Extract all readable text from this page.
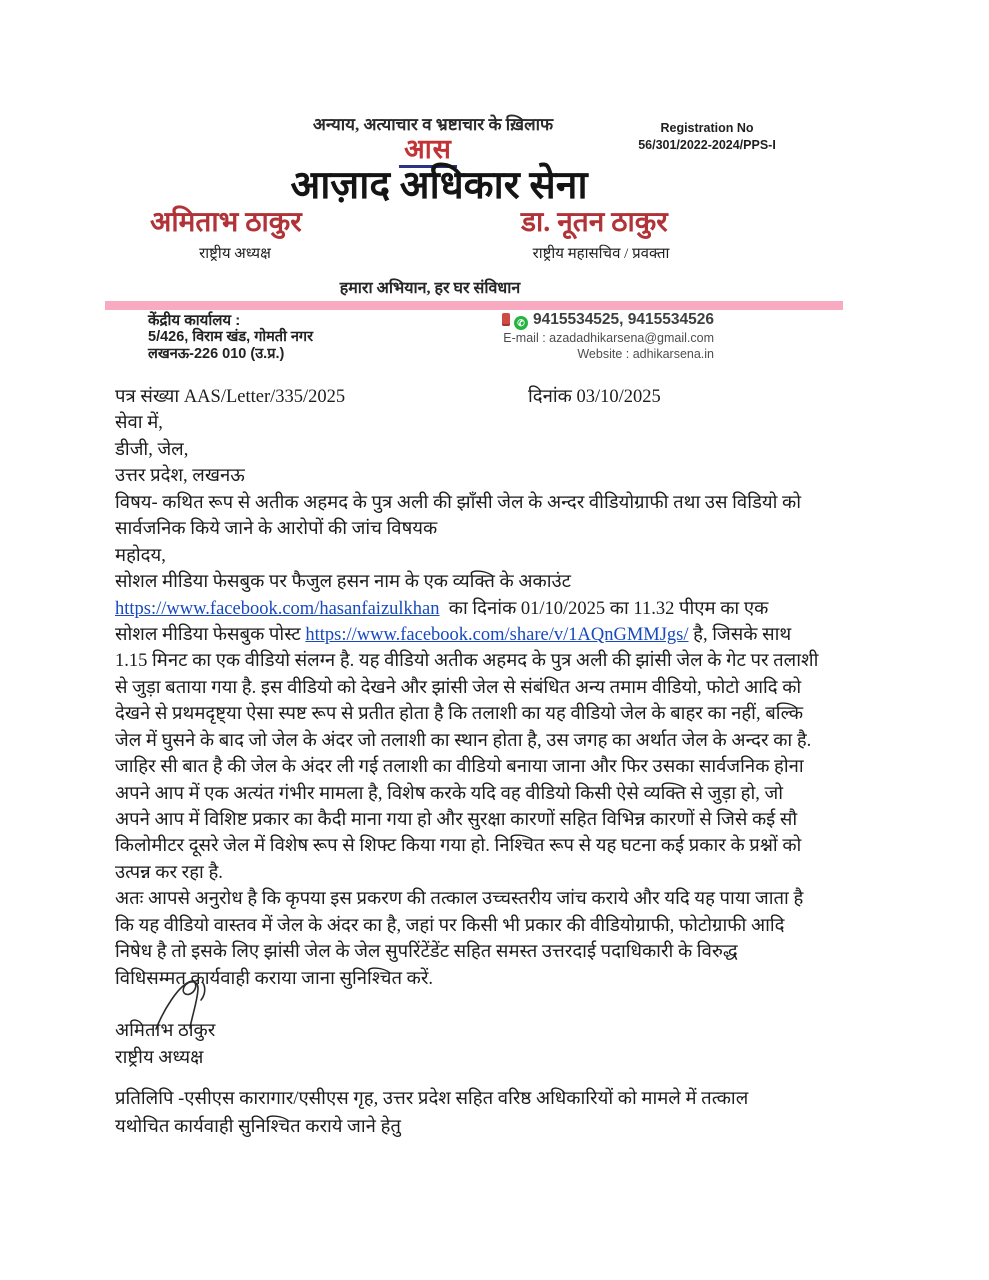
अन्याय, अत्याचार व भ्रष्टाचार के ख़िलाफ	Registration No
56/301/2022-2024/PPS-I
आस
आज़ाद अधिकार सेना
अमिताभ ठाकुर
राष्ट्रीय अध्यक्ष
डा. नूतन ठाकुर
राष्ट्रीय महासचिव / प्रवक्ता
हमारा अभियान, हर घर संविधान
केंद्रीय कार्यालय :
5/426, विराम खंड, गोमती नगर
लखनऊ-226 010 (उ.प्र.)
✆9415534525, 9415534526
E-mail : azadadhikarsena@gmail.com
Website : adhikarsena.in
पत्र संख्या AAS/Letter/335/2025	दिनांक 03/10/2025
सेवा में,
डीजी, जेल,
उत्तर प्रदेश, लखनऊ
विषय- कथित रूप से अतीक अहमद के पुत्र अली की झाँसी जेल के अन्दर वीडियोग्राफी तथा उस विडियो को
सार्वजनिक किये जाने के आरोपों की जांच विषयक
महोदय,
सोशल मीडिया फेसबुक पर फैजुल हसन नाम के एक व्यक्ति के अकाउंट
https://www.facebook.com/hasanfaizulkhan  का दिनांक 01/10/2025 का 11.32 पीएम का एक
सोशल मीडिया फेसबुक पोस्ट https://www.facebook.com/share/v/1AQnGMMJgs/ है, जिसके साथ
1.15 मिनट का एक वीडियो संलग्न है. यह वीडियो अतीक अहमद के पुत्र अली की झांसी जेल के गेट पर तलाशी
से जुड़ा बताया गया है. इस वीडियो को देखने और झांसी जेल से संबंधित अन्य तमाम वीडियो, फोटो आदि को
देखने से प्रथमदृष्ट्या ऐसा स्पष्ट रूप से प्रतीत होता है कि तलाशी का यह वीडियो जेल के बाहर का नहीं, बल्कि
जेल में घुसने के बाद जो जेल के अंदर जो तलाशी का स्थान होता है, उस जगह का अर्थात जेल के अन्दर का है.
जाहिर सी बात है की जेल के अंदर ली गई तलाशी का वीडियो बनाया जाना और फिर उसका सार्वजनिक होना
अपने आप में एक अत्यंत गंभीर मामला है, विशेष करके यदि वह वीडियो किसी ऐसे व्यक्ति से जुड़ा हो, जो
अपने आप में विशिष्ट प्रकार का कैदी माना गया हो और सुरक्षा कारणों सहित विभिन्न कारणों से जिसे कई सौ
किलोमीटर दूसरे जेल में विशेष रूप से शिफ्ट किया गया हो. निश्चित रूप से यह घटना कई प्रकार के प्रश्नों को
उत्पन्न कर रहा है.
अतः आपसे अनुरोध है कि कृपया इस प्रकरण की तत्काल उच्चस्तरीय जांच कराये और यदि यह पाया जाता है
कि यह वीडियो वास्तव में जेल के अंदर का है, जहां पर किसी भी प्रकार की वीडियोग्राफी, फोटोग्राफी आदि
निषेध है तो इसके लिए झांसी जेल के जेल सुपरिंटेंडेंट सहित समस्त उत्तरदाई पदाधिकारी के विरुद्ध
विधिसम्मत कार्यवाही कराया जाना सुनिश्चित करें.
अमिताभ ठाकुर
राष्ट्रीय अध्यक्ष
प्रतिलिपि -एसीएस कारागार/एसीएस गृह, उत्तर प्रदेश सहित वरिष्ठ अधिकारियों को मामले में तत्काल
यथोचित कार्यवाही सुनिश्चित कराये जाने हेतु
